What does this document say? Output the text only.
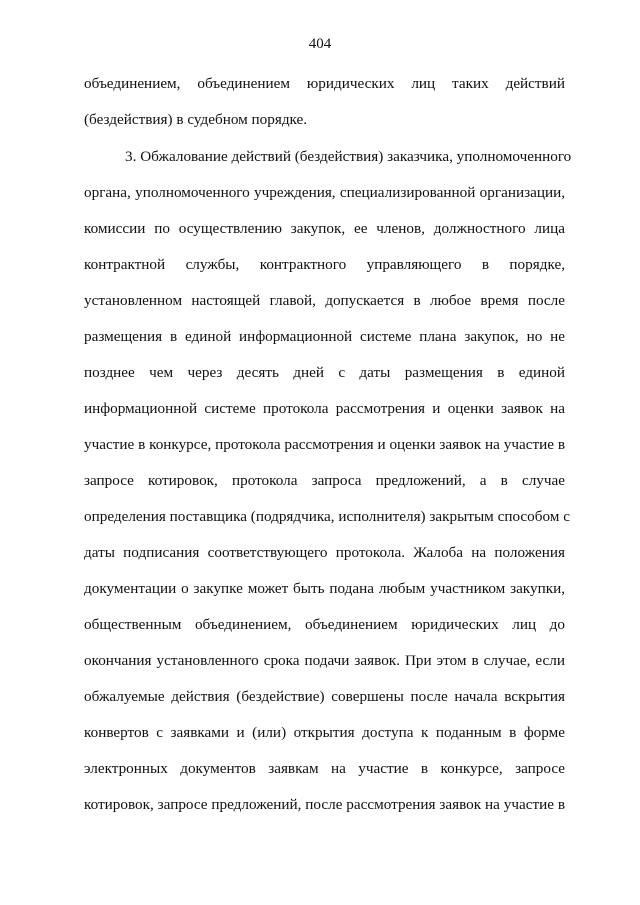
404
объединением, объединением юридических лиц таких действий
(бездействия) в судебном порядке.
3. Обжалование действий (бездействия) заказчика, уполномоченного
органа, уполномоченного учреждения, специализированной организации,
комиссии по осуществлению закупок, ее членов, должностного лица
контрактной службы, контрактного управляющего в порядке,
установленном настоящей главой, допускается в любое время после
размещения в единой информационной системе плана закупок, но не
позднее чем через десять дней с даты размещения в единой
информационной системе протокола рассмотрения и оценки заявок на
участие в конкурсе, протокола рассмотрения и оценки заявок на участие в
запросе котировок, протокола запроса предложений, а в случае
определения поставщика (подрядчика, исполнителя) закрытым способом с
даты подписания соответствующего протокола. Жалоба на положения
документации о закупке может быть подана любым участником закупки,
общественным объединением, объединением юридических лиц до
окончания установленного срока подачи заявок. При этом в случае, если
обжалуемые действия (бездействие) совершены после начала вскрытия
конвертов с заявками и (или) открытия доступа к поданным в форме
электронных документов заявкам на участие в конкурсе, запросе
котировок, запросе предложений, после рассмотрения заявок на участие в
